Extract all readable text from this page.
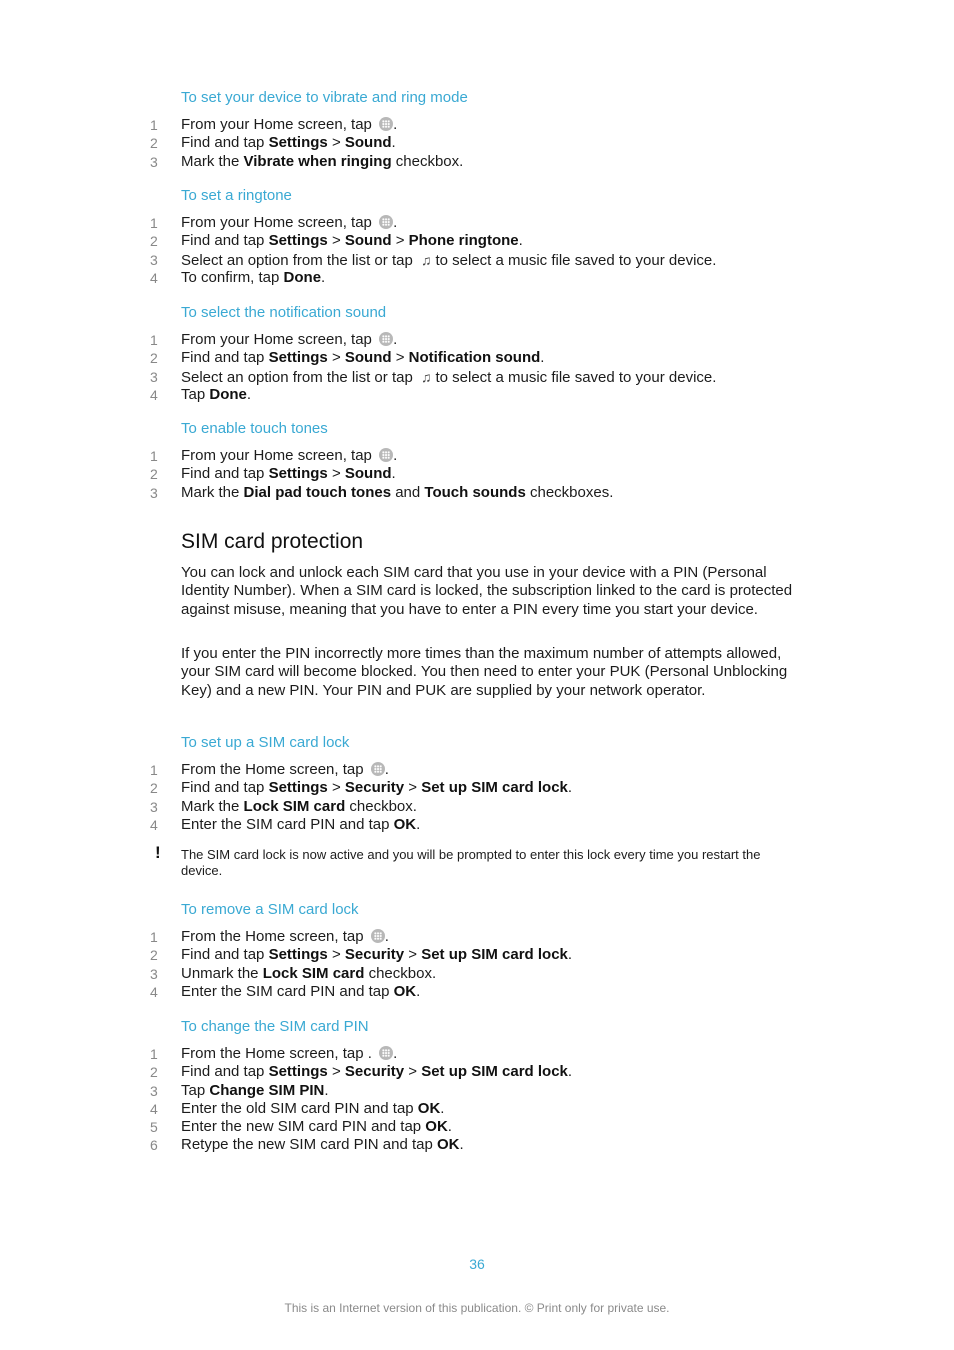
To set your device to vibrate and ring mode
1	From your Home screen, tap .
2	Find and tap Settings > Sound.
3	Mark the Vibrate when ringing checkbox.
To set a ringtone
1	From your Home screen, tap .
2	Find and tap Settings > Sound > Phone ringtone.
3	Select an option from the list or tap ♫ to select a music file saved to your device.
4	To confirm, tap Done.
To select the notification sound
1	From your Home screen, tap .
2	Find and tap Settings > Sound > Notification sound.
3	Select an option from the list or tap ♫ to select a music file saved to your device.
4	Tap Done.
To enable touch tones
1	From your Home screen, tap .
2	Find and tap Settings > Sound.
3	Mark the Dial pad touch tones and Touch sounds checkboxes.
SIM card protection

You can lock and unlock each SIM card that you use in your device with a PIN (Personal Identity Number). When a SIM card is locked, the subscription linked to the card is protected against misuse, meaning that you have to enter a PIN every time you start your device.

If you enter the PIN incorrectly more times than the maximum number of attempts allowed, your SIM card will become blocked. You then need to enter your PUK (Personal Unblocking Key) and a new PIN. Your PIN and PUK are supplied by your network operator.

To set up a SIM card lock
1	From the Home screen, tap .
2	Find and tap Settings > Security > Set up SIM card lock.
3	Mark the Lock SIM card checkbox.
4	Enter the SIM card PIN and tap OK.
! The SIM card lock is now active and you will be prompted to enter this lock every time you restart the device.
To remove a SIM card lock
1	From the Home screen, tap .
2	Find and tap Settings > Security > Set up SIM card lock.
3	Unmark the Lock SIM card checkbox.
4	Enter the SIM card PIN and tap OK.
To change the SIM card PIN
1	From the Home screen, tap . .
2	Find and tap Settings > Security > Set up SIM card lock.
3	Tap Change SIM PIN.
4	Enter the old SIM card PIN and tap OK.
5	Enter the new SIM card PIN and tap OK.
6	Retype the new SIM card PIN and tap OK.
36
This is an Internet version of this publication. © Print only for private use.
